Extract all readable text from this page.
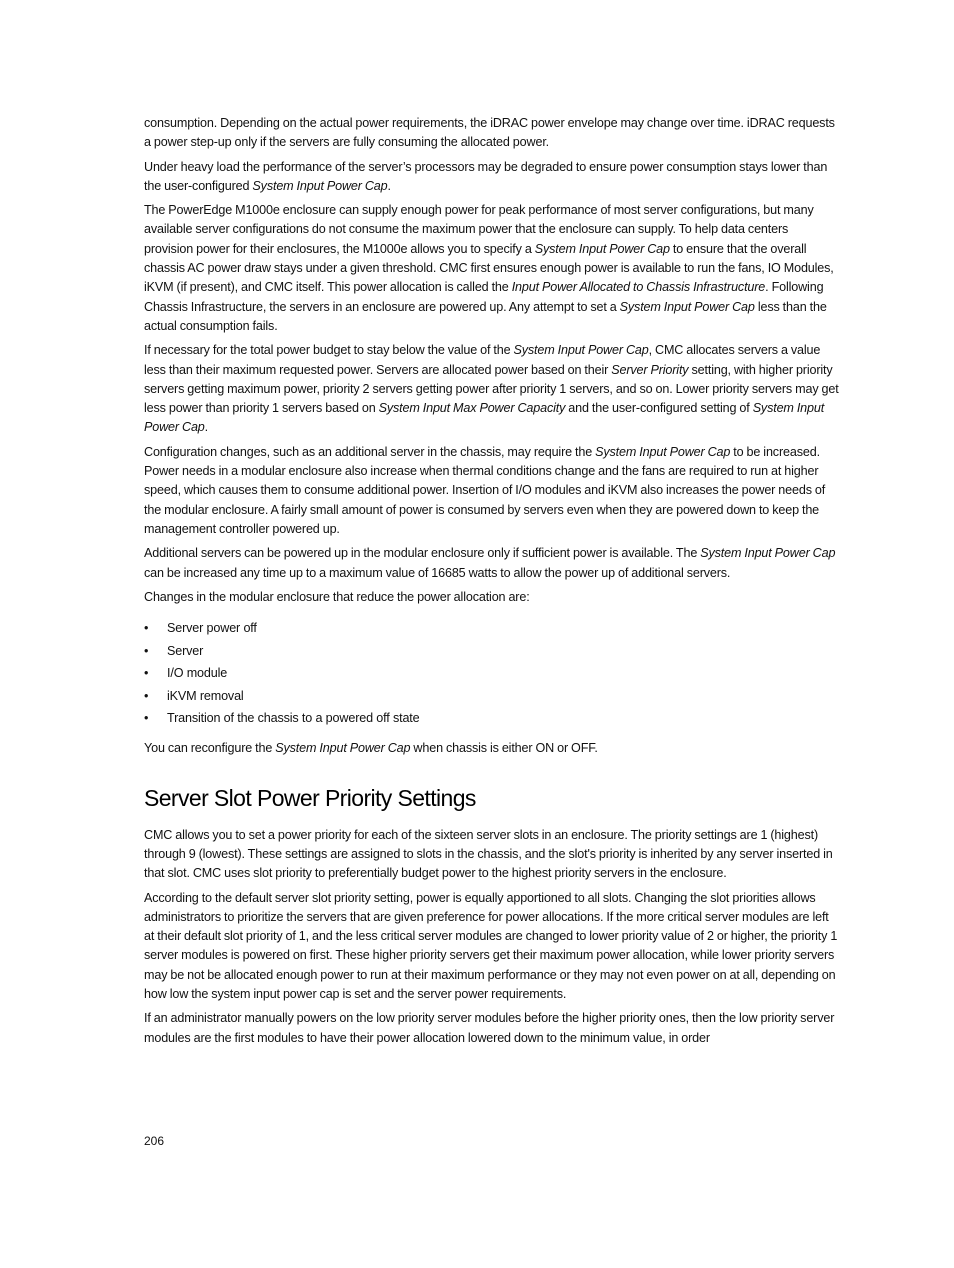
consumption. Depending on the actual power requirements, the iDRAC power envelope may change over time. iDRAC requests a power step-up only if the servers are fully consuming the allocated power.

Under heavy load the performance of the server’s processors may be degraded to ensure power consumption stays lower than the user-configured System Input Power Cap.

The PowerEdge M1000e enclosure can supply enough power for peak performance of most server configurations, but many available server configurations do not consume the maximum power that the enclosure can supply. To help data centers provision power for their enclosures, the M1000e allows you to specify a System Input Power Cap to ensure that the overall chassis AC power draw stays under a given threshold. CMC first ensures enough power is available to run the fans, IO Modules, iKVM (if present), and CMC itself. This power allocation is called the Input Power Allocated to Chassis Infrastructure. Following Chassis Infrastructure, the servers in an enclosure are powered up. Any attempt to set a System Input Power Cap less than the actual consumption fails.

If necessary for the total power budget to stay below the value of the System Input Power Cap, CMC allocates servers a value less than their maximum requested power. Servers are allocated power based on their Server Priority setting, with higher priority servers getting maximum power, priority 2 servers getting power after priority 1 servers, and so on. Lower priority servers may get less power than priority 1 servers based on System Input Max Power Capacity and the user-configured setting of System Input Power Cap.

Configuration changes, such as an additional server in the chassis, may require the System Input Power Cap to be increased. Power needs in a modular enclosure also increase when thermal conditions change and the fans are required to run at higher speed, which causes them to consume additional power. Insertion of I/O modules and iKVM also increases the power needs of the modular enclosure. A fairly small amount of power is consumed by servers even when they are powered down to keep the management controller powered up.

Additional servers can be powered up in the modular enclosure only if sufficient power is available. The System Input Power Cap can be increased any time up to a maximum value of 16685 watts to allow the power up of additional servers.

Changes in the modular enclosure that reduce the power allocation are:

• Server power off
• Server
• I/O module
• iKVM removal
• Transition of the chassis to a powered off state

You can reconfigure the System Input Power Cap when chassis is either ON or OFF.

Server Slot Power Priority Settings

CMC allows you to set a power priority for each of the sixteen server slots in an enclosure. The priority settings are 1 (highest) through 9 (lowest). These settings are assigned to slots in the chassis, and the slot's priority is inherited by any server inserted in that slot. CMC uses slot priority to preferentially budget power to the highest priority servers in the enclosure.

According to the default server slot priority setting, power is equally apportioned to all slots. Changing the slot priorities allows administrators to prioritize the servers that are given preference for power allocations. If the more critical server modules are left at their default slot priority of 1, and the less critical server modules are changed to lower priority value of 2 or higher, the priority 1 server modules is powered on first. These higher priority servers get their maximum power allocation, while lower priority servers may be not be allocated enough power to run at their maximum performance or they may not even power on at all, depending on how low the system input power cap is set and the server power requirements.

If an administrator manually powers on the low priority server modules before the higher priority ones, then the low priority server modules are the first modules to have their power allocation lowered down to the minimum value, in order

206
